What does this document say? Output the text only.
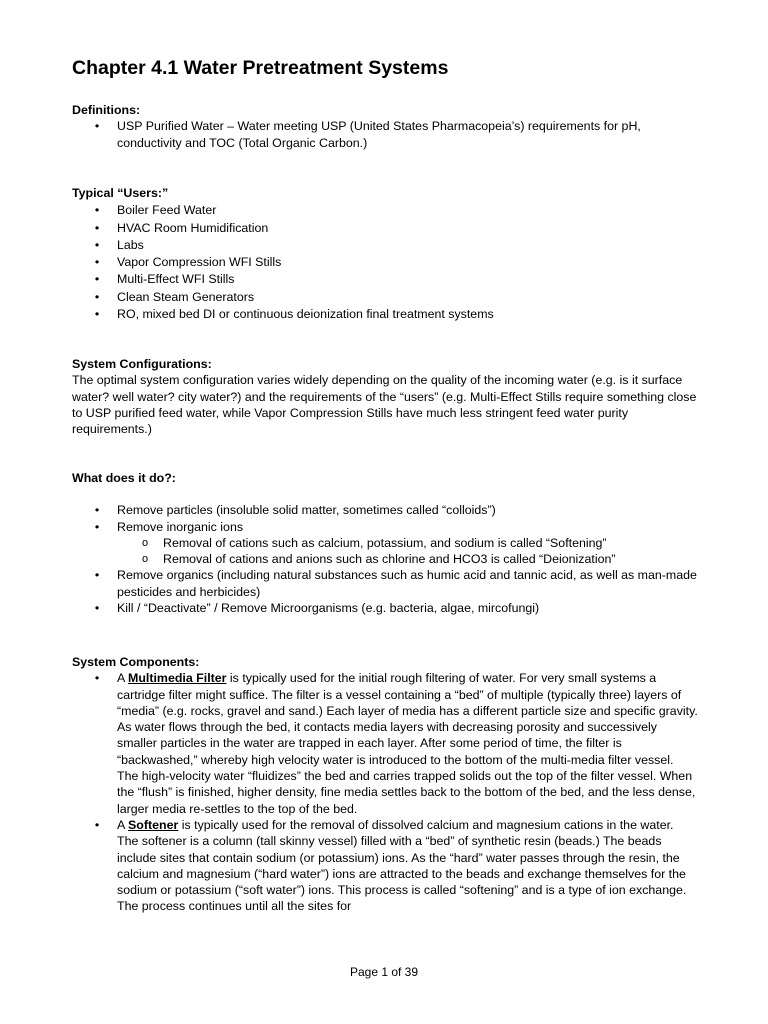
Chapter 4.1 Water Pretreatment Systems

Definitions:

• USP Purified Water – Water meeting USP (United States Pharmacopeia’s) requirements for pH, conductivity and TOC (Total Organic Carbon.)

Typical “Users:”

• Boiler Feed Water
• HVAC Room Humidification
• Labs
• Vapor Compression WFI Stills
• Multi-Effect WFI Stills
• Clean Steam Generators
• RO, mixed bed DI or continuous deionization final treatment systems

System Configurations:

The optimal system configuration varies widely depending on the quality of the incoming water (e.g. is it surface water? well water? city water?) and the requirements of the “users” (e.g. Multi-Effect Stills require something close to USP purified feed water, while Vapor Compression Stills have much less stringent feed water purity requirements.)

What does it do?:

• Remove particles (insoluble solid matter, sometimes called “colloids”)
• Remove inorganic ions
o Removal of cations such as calcium, potassium, and sodium is called “Softening”
o Removal of cations and anions such as chlorine and HCO3 is called “Deionization”
• Remove organics (including natural substances such as humic acid and tannic acid, as well as man-made pesticides and herbicides)
• Kill / “Deactivate” / Remove Microorganisms (e.g. bacteria, algae, mircofungi)

System Components:

• A Multimedia Filter is typically used for the initial rough filtering of water. For very small systems a cartridge filter might suffice. The filter is a vessel containing a “bed” of multiple (typically three) layers of “media” (e.g. rocks, gravel and sand.) Each layer of media has a different particle size and specific gravity. As water flows through the bed, it contacts media layers with decreasing porosity and successively smaller particles in the water are trapped in each layer. After some period of time, the filter is “backwashed,” whereby high velocity water is introduced to the bottom of the multi-media filter vessel. The high-velocity water “fluidizes” the bed and carries trapped solids out the top of the filter vessel. When the “flush” is finished, higher density, fine media settles back to the bottom of the bed, and the less dense, larger media re-settles to the top of the bed.
• A Softener is typically used for the removal of dissolved calcium and magnesium cations in the water. The softener is a column (tall skinny vessel) filled with a “bed” of synthetic resin (beads.) The beads include sites that contain sodium (or potassium) ions. As the “hard” water passes through the resin, the calcium and magnesium (“hard water”) ions are attracted to the beads and exchange themselves for the sodium or potassium (“soft water”) ions. This process is called “softening” and is a type of ion exchange. The process continues until all the sites for
Page 1 of 39
